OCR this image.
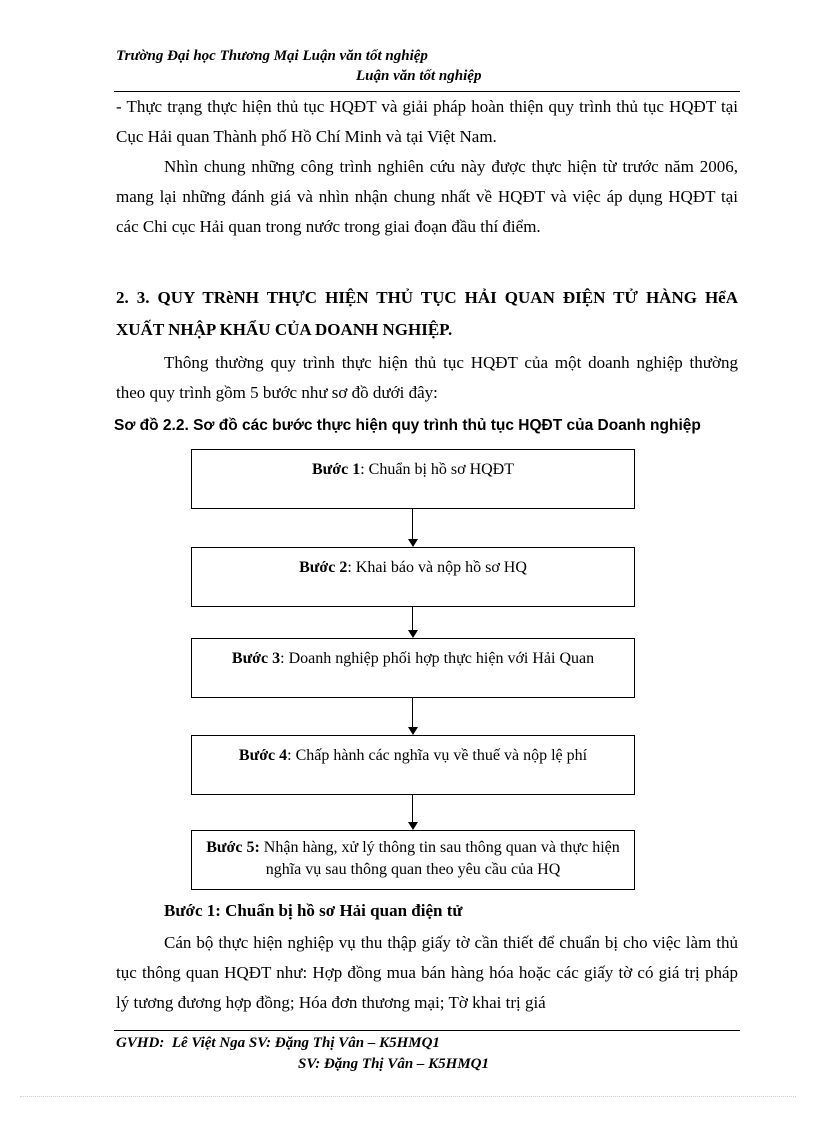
Trường Đại học Thương Mại Luận văn tốt nghiệp
Luận văn tốt nghiệp
- Thực trạng thực hiện thủ tục HQĐT và giải pháp hoàn thiện quy trình thủ tục HQĐT tại Cục Hải quan Thành phố Hồ Chí Minh và tại Việt Nam.
Nhìn chung những công trình nghiên cứu này được thực hiện từ trước năm 2006, mang lại những đánh giá và nhìn nhận chung nhất về HQĐT và việc áp dụng HQĐT tại các Chi cục Hải quan trong nước trong giai đoạn đầu thí điểm.
2. 3. QUY TRèNH THỰC HIỆN THỦ TỤC HẢI QUAN ĐIỆN TỬ HÀNG HểA XUẤT NHẬP KHẨU CỦA DOANH NGHIỆP.
Thông thường quy trình thực hiện thủ tục HQĐT của một doanh nghiệp thường theo quy trình gồm 5 bước như sơ đồ dưới đây:
Sơ đồ 2.2. Sơ đồ các bước thực hiện quy trình thủ tục HQĐT của Doanh nghiệp
Bước 1: Chuẩn bị hồ sơ HQĐT
Bước 2: Khai báo và nộp hồ sơ HQ
Bước 3: Doanh nghiệp phối hợp thực hiện với Hải Quan
Bước 4: Chấp hành các nghĩa vụ về thuế và nộp lệ phí
Bước 5: Nhận hàng, xử lý thông tin sau thông quan và thực hiện nghĩa vụ sau thông quan theo yêu cầu của HQ
Bước 1: Chuẩn bị hồ sơ Hải quan điện tử
Cán bộ thực hiện nghiệp vụ thu thập giấy tờ cần thiết để chuẩn bị cho việc làm thủ tục thông quan HQĐT như: Hợp đồng mua bán hàng hóa hoặc các giấy tờ có giá trị pháp lý tương đương hợp đồng; Hóa đơn thương mại; Tờ khai trị giá
GVHD:  Lê Việt Nga SV: Đặng Thị Vân – K5HMQ1
SV: Đặng Thị Vân – K5HMQ1
